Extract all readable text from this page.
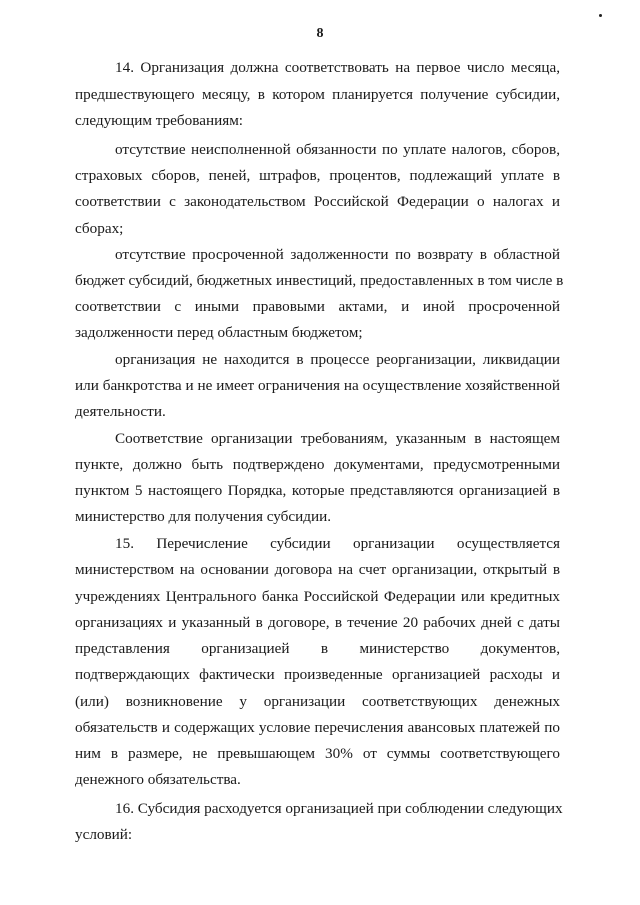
8
14. Организация должна соответствовать на первое число месяца,
предшествующего месяцу, в котором планируется получение субсидии,
следующим требованиям:
отсутствие неисполненной обязанности по уплате налогов, сборов,
страховых сборов, пеней, штрафов, процентов, подлежащий уплате в
соответствии с законодательством Российской Федерации о налогах и
сборах;
отсутствие просроченной задолженности по возврату в областной
бюджет субсидий, бюджетных инвестиций, предоставленных в том числе в
соответствии с иными правовыми актами, и иной просроченной
задолженности перед областным бюджетом;
организация не находится в процессе реорганизации, ликвидации
или банкротства и не имеет ограничения на осуществление хозяйственной
деятельности.
Соответствие организации требованиям, указанным в настоящем
пункте, должно быть подтверждено документами, предусмотренными
пунктом 5 настоящего Порядка, которые представляются организацией в
министерство для получения субсидии.
15. Перечисление субсидии организации осуществляется
министерством на основании договора на счет организации, открытый в
учреждениях Центрального банка Российской Федерации или кредитных
организациях и указанный в договоре, в течение 20 рабочих дней с даты
представления организацией в министерство документов,
подтверждающих фактически произведенные организацией расходы и
(или) возникновение у организации соответствующих денежных
обязательств и содержащих условие перечисления авансовых платежей по
ним в размере, не превышающем 30% от суммы соответствующего
денежного обязательства.
16. Субсидия расходуется организацией при соблюдении следующих
условий:
